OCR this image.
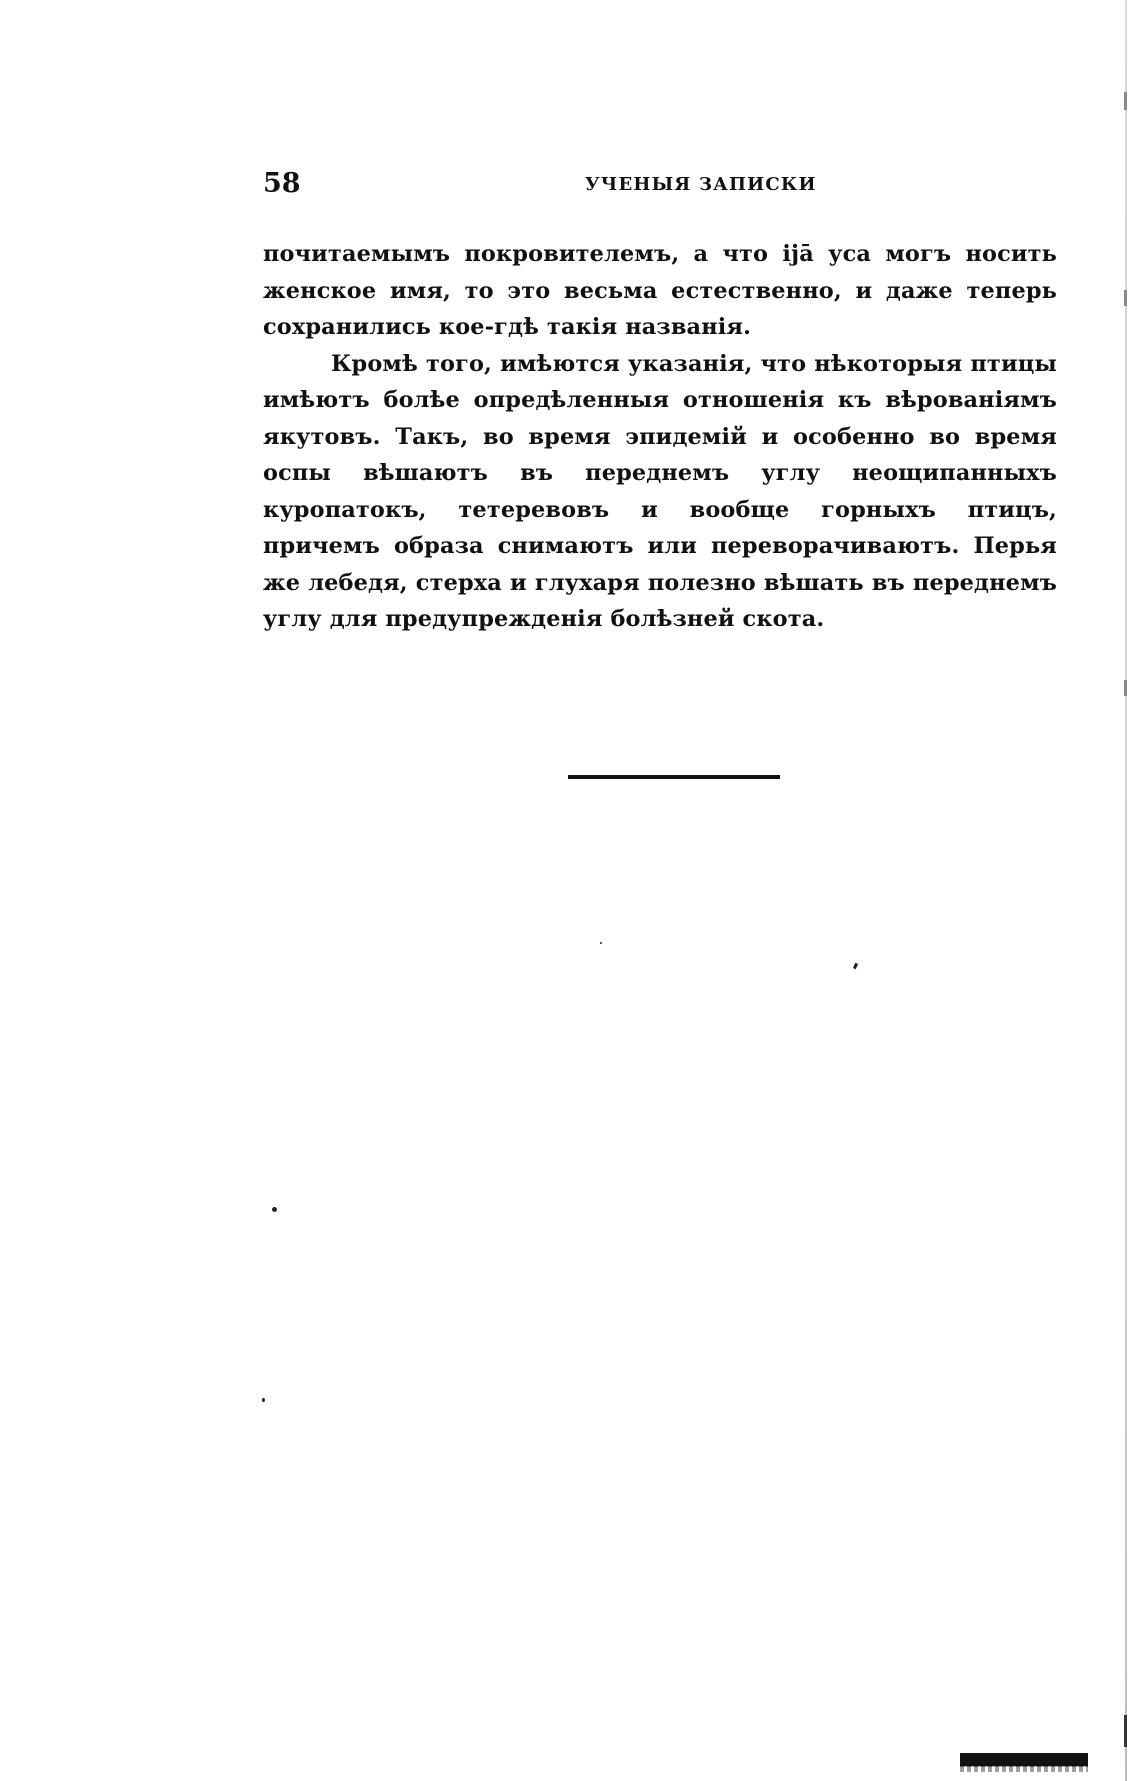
58	УЧЕНЫЯ ЗАПИСКИ

почитаемымъ покровителемъ, а что іјā уса могъ носить женское имя, то это весьма естественно, и даже теперь сохранились кое-гдѣ такія названія.

Кромѣ того, имѣются указанія, что нѣкоторыя птицы имѣютъ болѣе опредѣленныя отношенія къ вѣрованіямъ якутовъ. Такъ, во время эпидемій и особенно во время оспы вѣшаютъ въ переднемъ углу неощипанныхъ куропатокъ, тетеревовъ и вообще горныхъ птицъ, причемъ образа снимаютъ или переворачиваютъ. Перья же лебедя, стерха и глухаря полезно вѣшать въ переднемъ углу для предупрежденія болѣзней скота.
